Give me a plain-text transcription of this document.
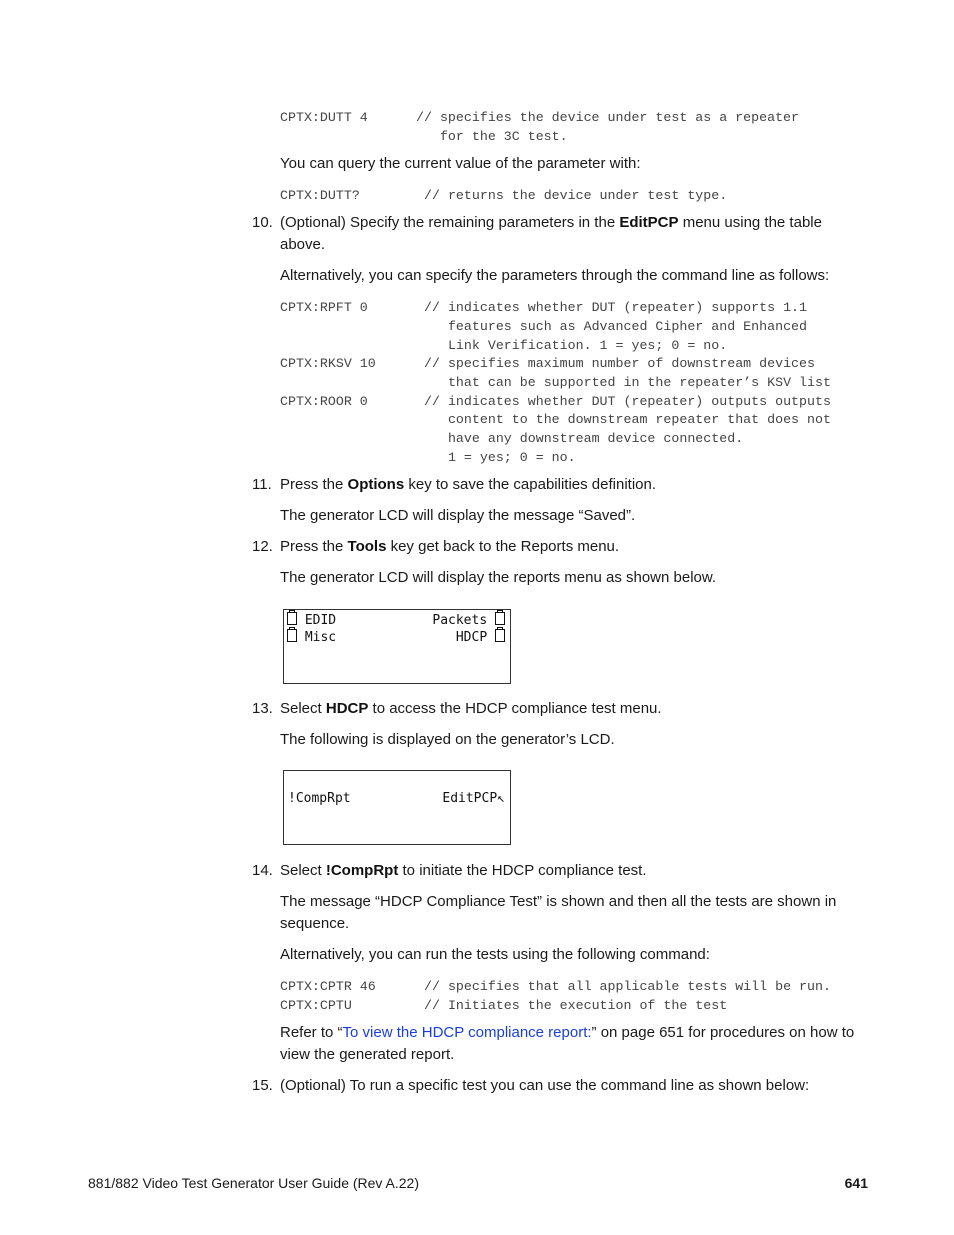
CPTX:DUTT 4	// specifies the device under test as a repeater
for the 3C test.
You can query the current value of the parameter with:
CPTX:DUTT?	// returns the device under test type.
10. (Optional) Specify the remaining parameters in the EditPCP menu using the table above.
Alternatively, you can specify the parameters through the command line as follows:
CPTX:RPFT 0	// indicates whether DUT (repeater) supports 1.1
features such as Advanced Cipher and Enhanced
Link Verification. 1 = yes; 0 = no.
CPTX:RKSV 10	// specifies maximum number of downstream devices
that can be supported in the repeater’s KSV list
CPTX:ROOR 0	// indicates whether DUT (repeater) outputs outputs
content to the downstream repeater that does not
have any downstream device connected.
1 = yes; 0 = no.
11. Press the Options key to save the capabilities definition.
The generator LCD will display the message “Saved”.
12. Press the Tools key get back to the Reports menu.
The generator LCD will display the reports menu as shown below.
EDID	Packets
Misc	HDCP
13. Select HDCP to access the HDCP compliance test menu.
The following is displayed on the generator’s LCD.
!CompRpt	EditPCP↖
14. Select !CompRpt to initiate the HDCP compliance test.
The message “HDCP Compliance Test” is shown and then all the tests are shown in sequence.
Alternatively, you can run the tests using the following command:
CPTX:CPTR 46	// specifies that all applicable tests will be run.
CPTX:CPTU	// Initiates the execution of the test
Refer to “To view the HDCP compliance report:” on page 651 for procedures on how to view the generated report.
15. (Optional) To run a specific test you can use the command line as shown below:
881/882 Video Test Generator User Guide (Rev A.22)	641
